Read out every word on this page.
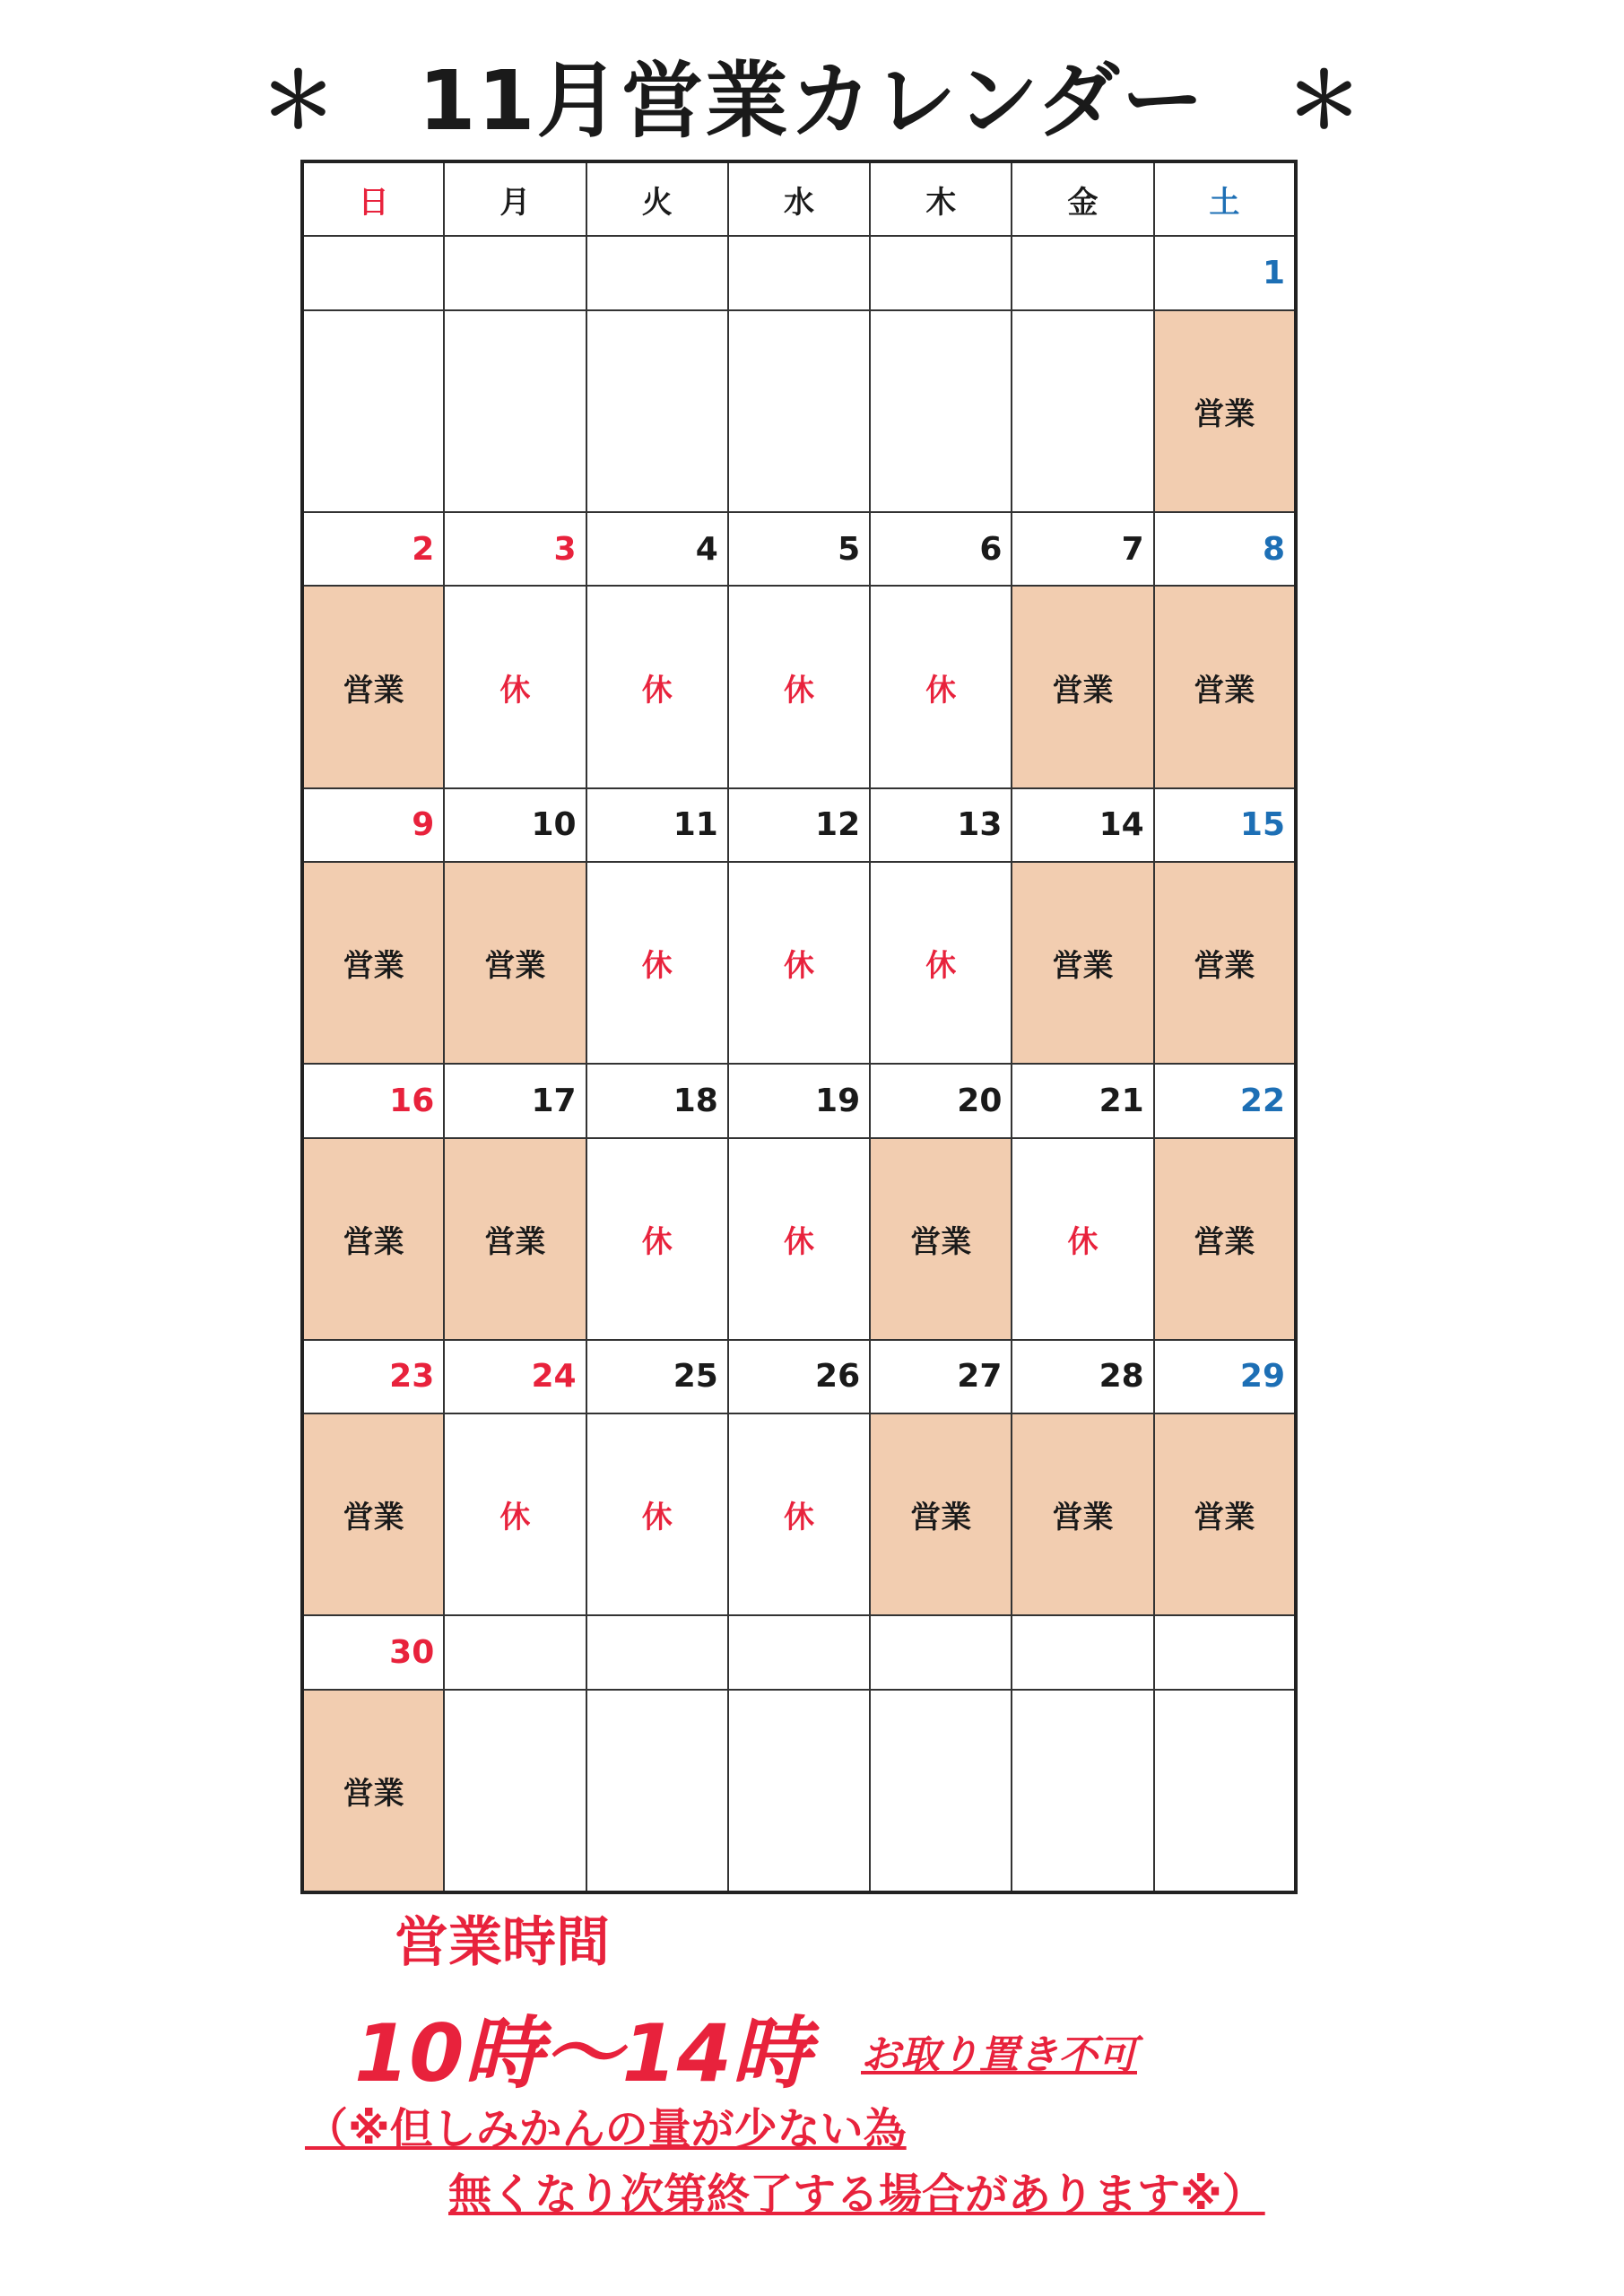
＊ 11月営業カレンダー ＊
日	月	火	水	木	金	土
						1
						営業
2	3	4	5	6	7	8
営業	休	休	休	休	営業	営業
9	10	11	12	13	14	15
営業	営業	休	休	休	営業	営業
16	17	18	19	20	21	22
営業	営業	休	休	営業	休	営業
23	24	25	26	27	28	29
営業	休	休	休	営業	営業	営業
30						
営業						
営業時間
10時～14時 お取り置き不可
（※但しみかんの量が少ない為
無くなり次第終了する場合があります※）
